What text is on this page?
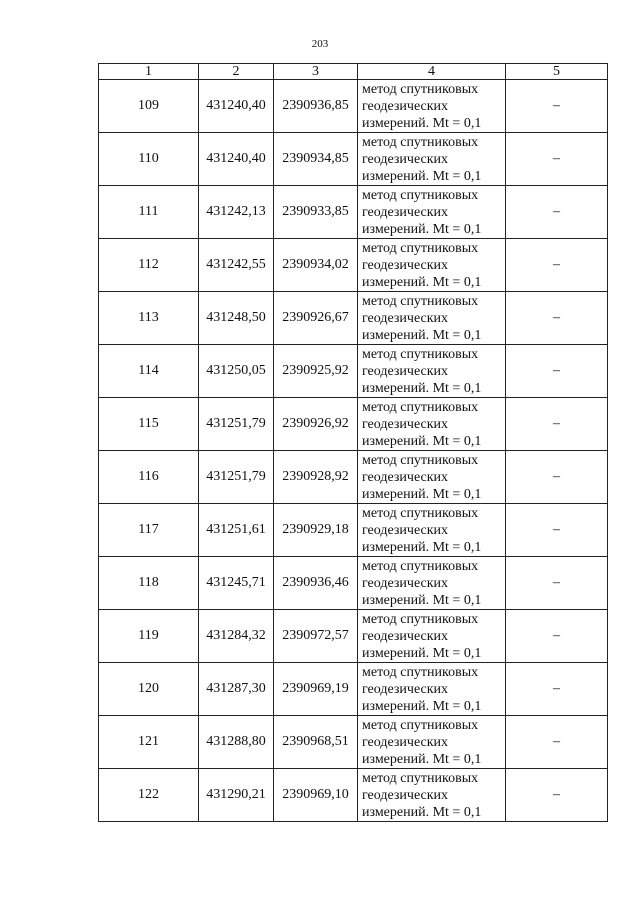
203
1	2	3	4	5
109	431240,40	2390936,85	метод спутниковых
геодезических
измерений. Mt = 0,1	–
110	431240,40	2390934,85	метод спутниковых
геодезических
измерений. Mt = 0,1	–
111	431242,13	2390933,85	метод спутниковых
геодезических
измерений. Mt = 0,1	–
112	431242,55	2390934,02	метод спутниковых
геодезических
измерений. Mt = 0,1	–
113	431248,50	2390926,67	метод спутниковых
геодезических
измерений. Mt = 0,1	–
114	431250,05	2390925,92	метод спутниковых
геодезических
измерений. Mt = 0,1	–
115	431251,79	2390926,92	метод спутниковых
геодезических
измерений. Mt = 0,1	–
116	431251,79	2390928,92	метод спутниковых
геодезических
измерений. Mt = 0,1	–
117	431251,61	2390929,18	метод спутниковых
геодезических
измерений. Mt = 0,1	–
118	431245,71	2390936,46	метод спутниковых
геодезических
измерений. Mt = 0,1	–
119	431284,32	2390972,57	метод спутниковых
геодезических
измерений. Mt = 0,1	–
120	431287,30	2390969,19	метод спутниковых
геодезических
измерений. Mt = 0,1	–
121	431288,80	2390968,51	метод спутниковых
геодезических
измерений. Mt = 0,1	–
122	431290,21	2390969,10	метод спутниковых
геодезических
измерений. Mt = 0,1	–
